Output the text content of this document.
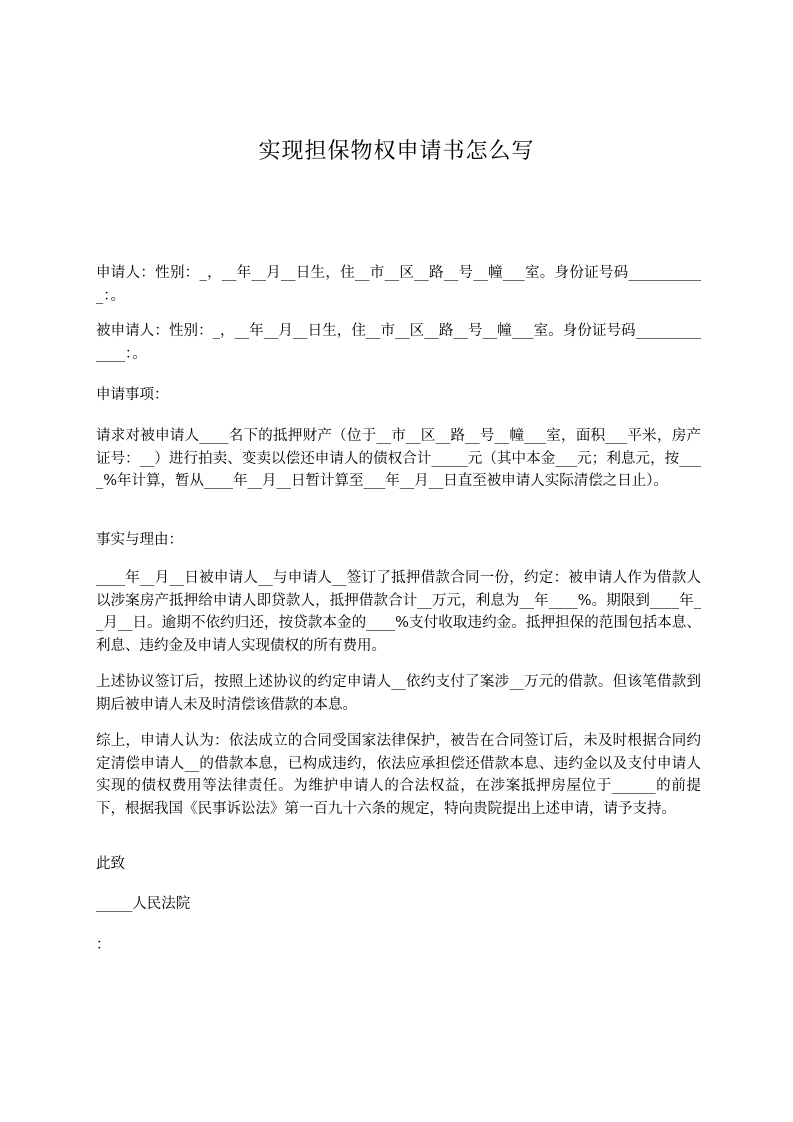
实现担保物权申请书怎么写

申请人：性别：_，__年__月__日生，住__市__区__路__号__幢___室。身份证号码___________：。

被申请人：性别：_，__年__月__日生，住__市__区__路__号__幢___室。身份证号码_____________：。

申请事项：

请求对被申请人____名下的抵押财产（位于__市__区__路__号__幢___室，面积___平米，房产证号：__）进行拍卖、变卖以偿还申请人的债权合计_____元（其中本金___元；利息元，按____%年计算，暂从____年__月__日暂计算至___年__月__日直至被申请人实际清偿之日止）。

事实与理由：

____年__月__日被申请人__与申请人__签订了抵押借款合同一份，约定：被申请人作为借款人以涉案房产抵押给申请人即贷款人，抵押借款合计__万元，利息为__年____%。期限到____年__月__日。逾期不依约归还，按贷款本金的____%支付收取违约金。抵押担保的范围包括本息、利息、违约金及申请人实现债权的所有费用。

上述协议签订后，按照上述协议的约定申请人__依约支付了案涉__万元的借款。但该笔借款到期后被申请人未及时清偿该借款的本息。

综上，申请人认为：依法成立的合同受国家法律保护，被告在合同签订后，未及时根据合同约定清偿申请人__的借款本息，已构成违约，依法应承担偿还借款本息、违约金以及支付申请人实现的债权费用等法律责任。为维护申请人的合法权益，在涉案抵押房屋位于______的前提下，根据我国《民事诉讼法》第一百九十六条的规定，特向贵院提出上述申请，请予支持。

此致

_____人民法院

：
